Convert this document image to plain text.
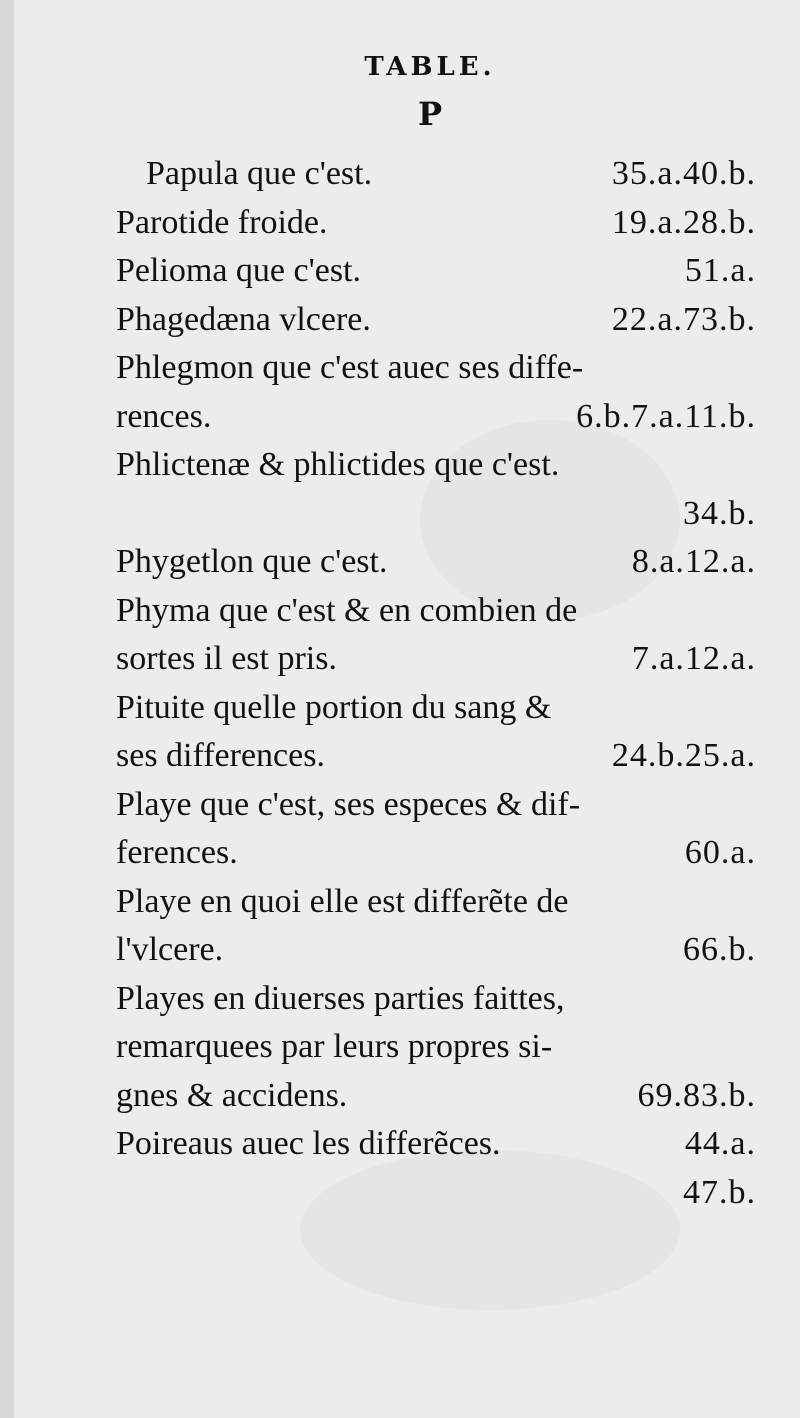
TABLE.
P
Papula que c'est.	35.a.40.b.
Parotide froide.	19.a.28.b.
Pelioma que c'est.	51.a.
Phagedæna vlcere.	22.a.73.b.
Phlegmon que c'est auec ses diffe-
rences.	6.b.7.a.11.b.
Phlictenæ & phlictides que c'est.
34.b.
Phygetlon que c'est.	8.a.12.a.
Phyma que c'est & en combien de
sortes il est pris.	7.a.12.a.
Pituite quelle portion du sang &
ses differences.	24.b.25.a.
Playe que c'est, ses especes & dif-
ferences.	60.a.
Playe en quoi elle est differẽte de
l'vlcere.	66.b.
Playes en diuerses parties faittes,
remarquees par leurs propres si-
gnes & accidens.	69.83.b.
Poireaus auec les differẽces.	44.a.
47.b.
